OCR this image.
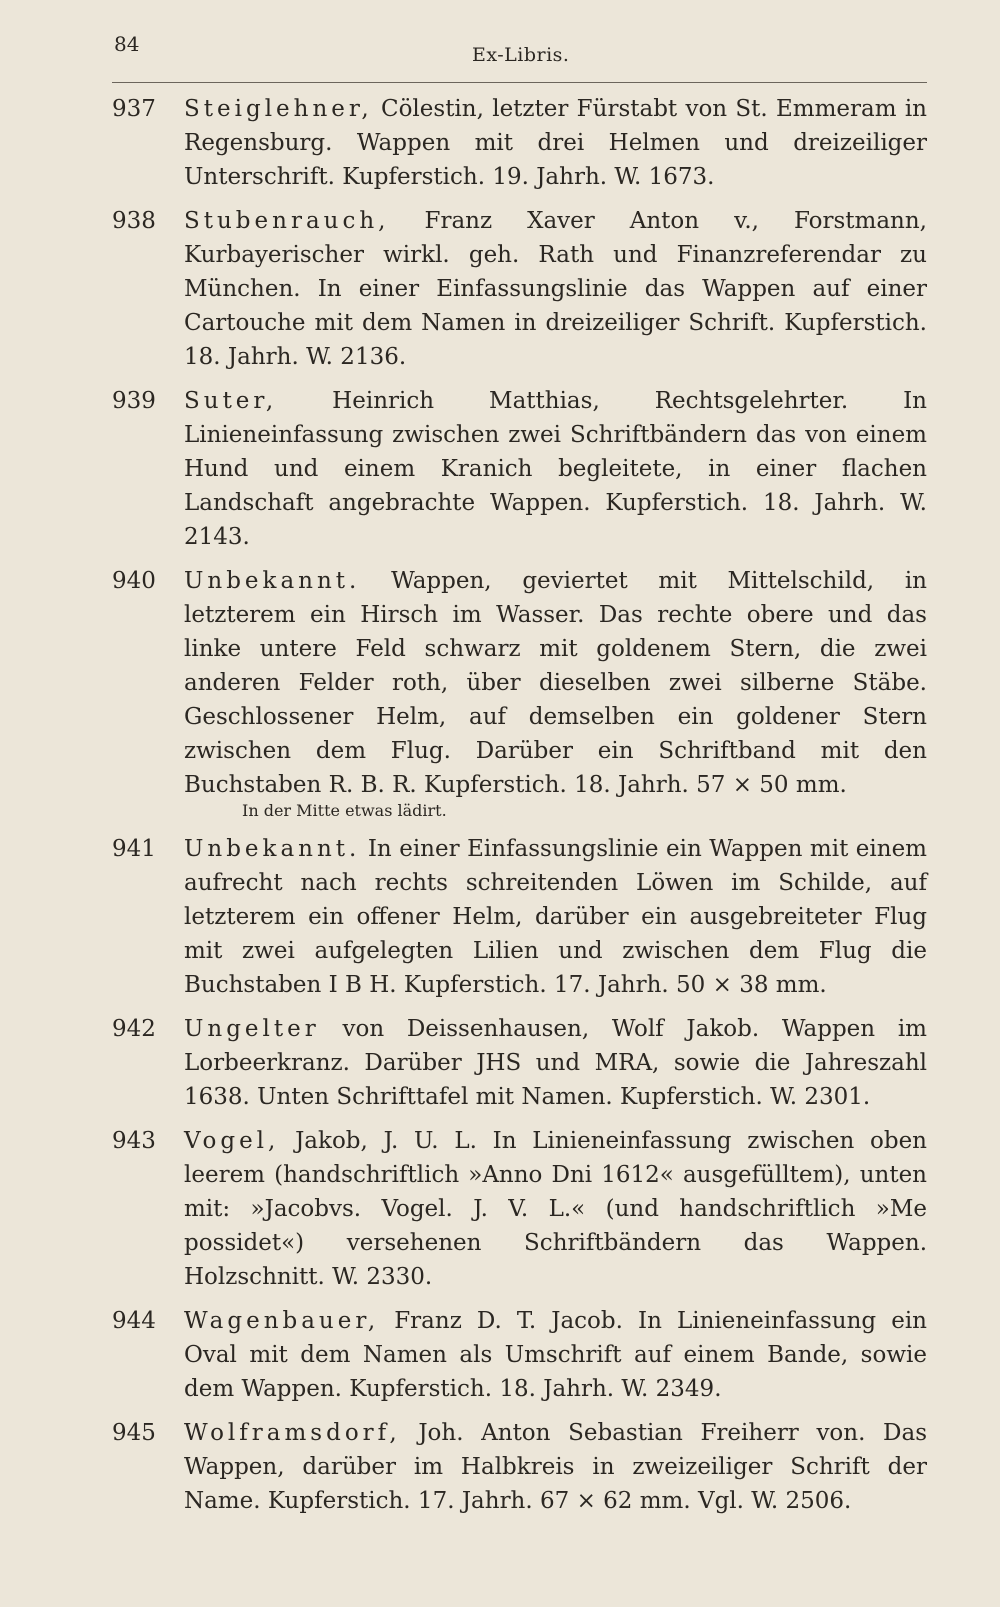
84	Ex-Libris.
937 Steiglehner, Cölestin, letzter Fürstabt von St. Emmeram in Regensburg. Wappen mit drei Helmen und dreizeiliger Unterschrift. Kupferstich. 19. Jahrh. W. 1673.
938 Stubenrauch, Franz Xaver Anton v., Forstmann, Kurbayerischer wirkl. geh. Rath und Finanzreferendar zu München. In einer Einfassungslinie das Wappen auf einer Cartouche mit dem Namen in dreizeiliger Schrift. Kupferstich. 18. Jahrh. W. 2136.
939 Suter, Heinrich Matthias, Rechtsgelehrter. In Linieneinfassung zwischen zwei Schriftbändern das von einem Hund und einem Kranich begleitete, in einer flachen Landschaft angebrachte Wappen. Kupferstich. 18. Jahrh. W. 2143.
940 Unbekannt. Wappen, geviertet mit Mittelschild, in letzterem ein Hirsch im Wasser. Das rechte obere und das linke untere Feld schwarz mit goldenem Stern, die zwei anderen Felder roth, über dieselben zwei silberne Stäbe. Geschlossener Helm, auf demselben ein goldener Stern zwischen dem Flug. Darüber ein Schriftband mit den Buchstaben R. B. R. Kupferstich. 18. Jahrh. 57 × 50 mm.
In der Mitte etwas lädirt.
941 Unbekannt. In einer Einfassungslinie ein Wappen mit einem aufrecht nach rechts schreitenden Löwen im Schilde, auf letzterem ein offener Helm, darüber ein ausgebreiteter Flug mit zwei aufgelegten Lilien und zwischen dem Flug die Buchstaben I B H. Kupferstich. 17. Jahrh. 50 × 38 mm.
942 Ungelter von Deissenhausen, Wolf Jakob. Wappen im Lorbeerkranz. Darüber JHS und MRA, sowie die Jahreszahl 1638. Unten Schrifttafel mit Namen. Kupferstich. W. 2301.
943 Vogel, Jakob, J. U. L. In Linieneinfassung zwischen oben leerem (handschriftlich »Anno Dni 1612« ausgefülltem), unten mit: »Jacobvs. Vogel. J. V. L.« (und handschriftlich »Me possidet«) versehenen Schriftbändern das Wappen. Holzschnitt. W. 2330.
944 Wagenbauer, Franz D. T. Jacob. In Linieneinfassung ein Oval mit dem Namen als Umschrift auf einem Bande, sowie dem Wappen. Kupferstich. 18. Jahrh. W. 2349.
945 Wolframsdorf, Joh. Anton Sebastian Freiherr von. Das Wappen, darüber im Halbkreis in zweizeiliger Schrift der Name. Kupferstich. 17. Jahrh. 67 × 62 mm. Vgl. W. 2506.
